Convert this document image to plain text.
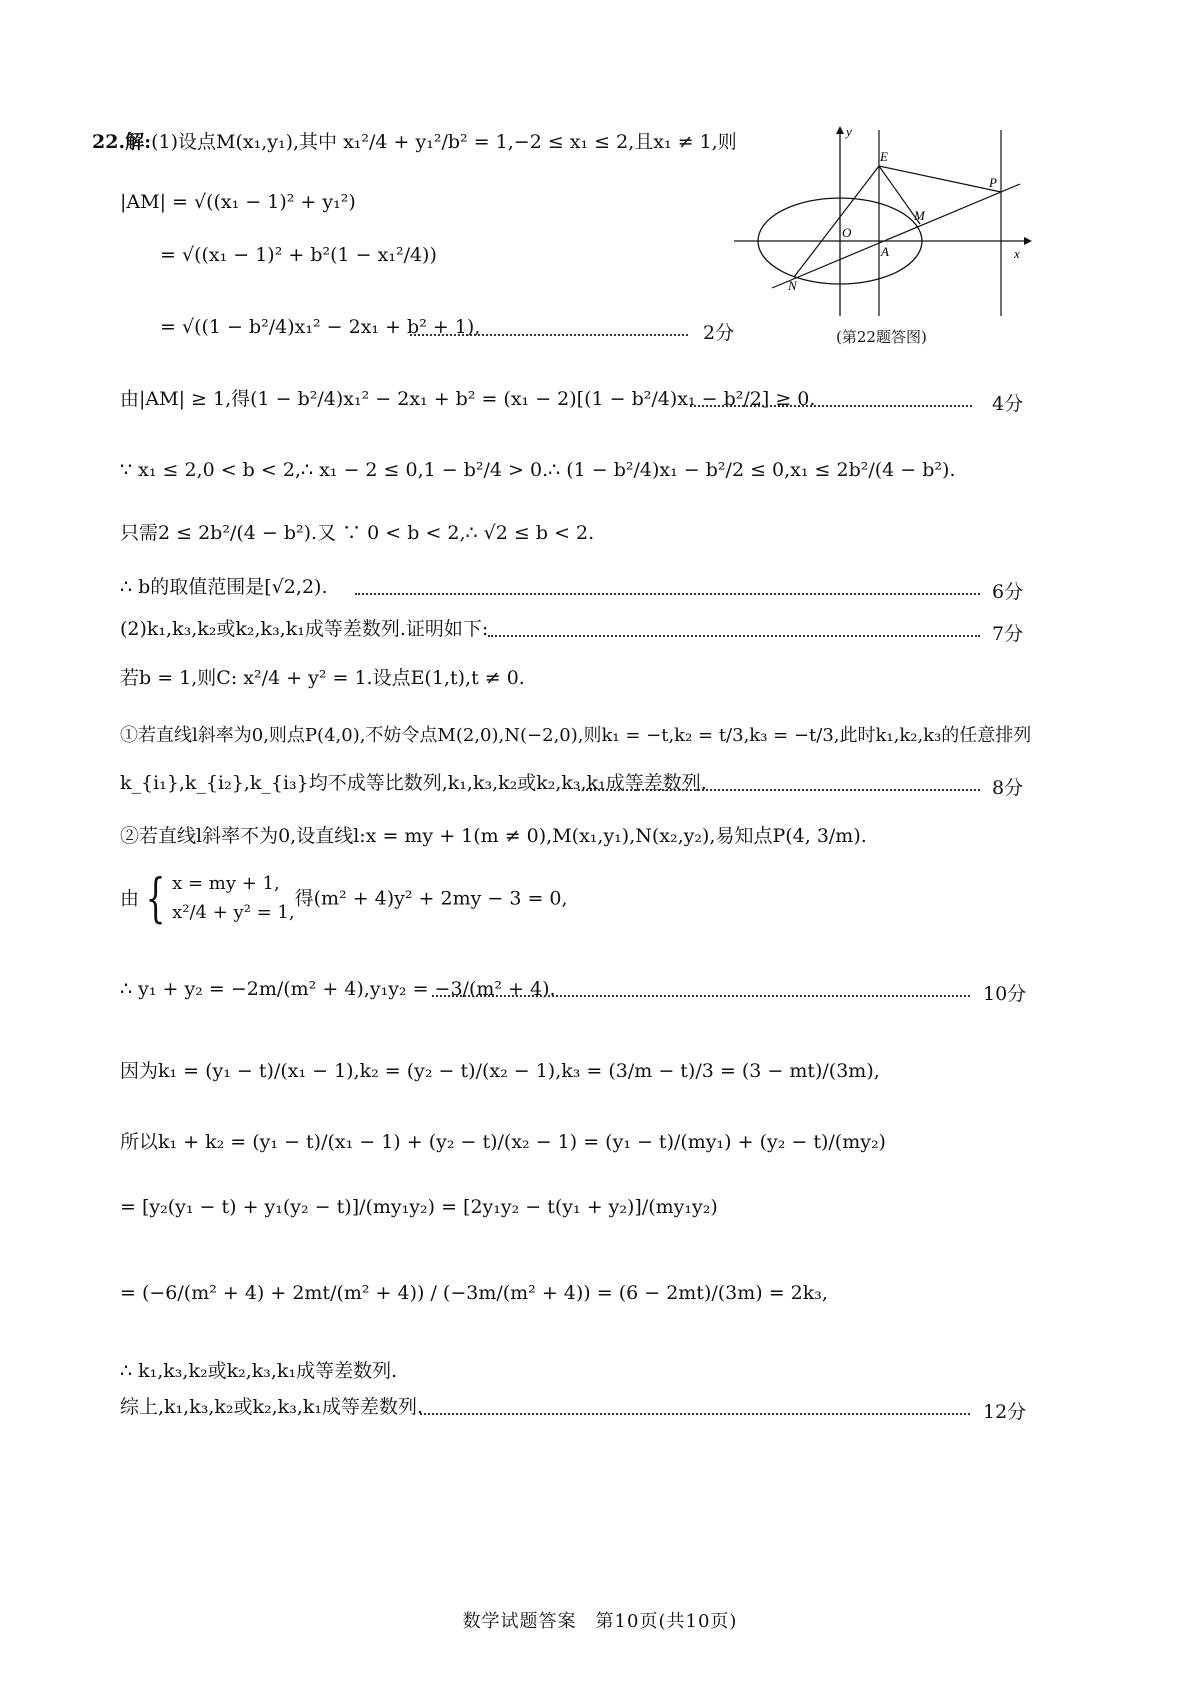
22.解:(1)设点M(x₁,y₁),其中 x₁²/4 + y₁²/b² = 1,−2 ≤ x₁ ≤ 2,且x₁ ≠ 1,则
|AM| = √((x₁ − 1)² + y₁²)
= √((x₁ − 1)² + b²(1 − x₁²/4))
= √((1 − b²/4)x₁² − 2x₁ + b² + 1),	2分
由|AM| ≥ 1,得(1 − b²/4)x₁² − 2x₁ + b² = (x₁ − 2)[(1 − b²/4)x₁ − b²/2] ≥ 0.	4分
∵ x₁ ≤ 2,0 < b < 2,∴ x₁ − 2 ≤ 0,1 − b²/4 > 0.∴ (1 − b²/4)x₁ − b²/2 ≤ 0,x₁ ≤ 2b²/(4 − b²).
只需2 ≤ 2b²/(4 − b²).又 ∵ 0 < b < 2,∴ √2 ≤ b < 2.
∴ b的取值范围是[√2,2).	6分
(2)k₁,k₃,k₂或k₂,k₃,k₁成等差数列.证明如下:	7分
若b = 1,则C: x²/4 + y² = 1.设点E(1,t),t ≠ 0.
①若直线l斜率为0,则点P(4,0),不妨令点M(2,0),N(−2,0),则k₁ = −t,k₂ = t/3,k₃ = −t/3,此时k₁,k₂,k₃的任意排列
k_{i₁},k_{i₂},k_{i₃}均不成等比数列,k₁,k₃,k₂或k₂,k₃,k₁成等差数列.	8分
②若直线l斜率不为0,设直线l:x = my + 1(m ≠ 0),M(x₁,y₁),N(x₂,y₂),易知点P(4, 3/m).
由 { x = my + 1,
x²/4 + y² = 1,
得(m² + 4)y² + 2my − 3 = 0,
∴ y₁ + y₂ = −2m/(m² + 4),y₁y₂ = −3/(m² + 4).	10分
因为k₁ = (y₁ − t)/(x₁ − 1),k₂ = (y₂ − t)/(x₂ − 1),k₃ = (3/m − t)/3 = (3 − mt)/(3m),
所以k₁ + k₂ = (y₁ − t)/(x₁ − 1) + (y₂ − t)/(x₂ − 1) = (y₁ − t)/(my₁) + (y₂ − t)/(my₂)
= [y₂(y₁ − t) + y₁(y₂ − t)]/(my₁y₂) = [2y₁y₂ − t(y₁ + y₂)]/(my₁y₂)
= (−6/(m² + 4) + 2mt/(m² + 4)) / (−3m/(m² + 4)) = (6 − 2mt)/(3m) = 2k₃,
∴ k₁,k₃,k₂或k₂,k₃,k₁成等差数列.
综上,k₁,k₃,k₂或k₂,k₃,k₁成等差数列.	12分
y
x
E
P
M
O
A
N
(第22题答图)
数学试题答案　第10页(共10页)
